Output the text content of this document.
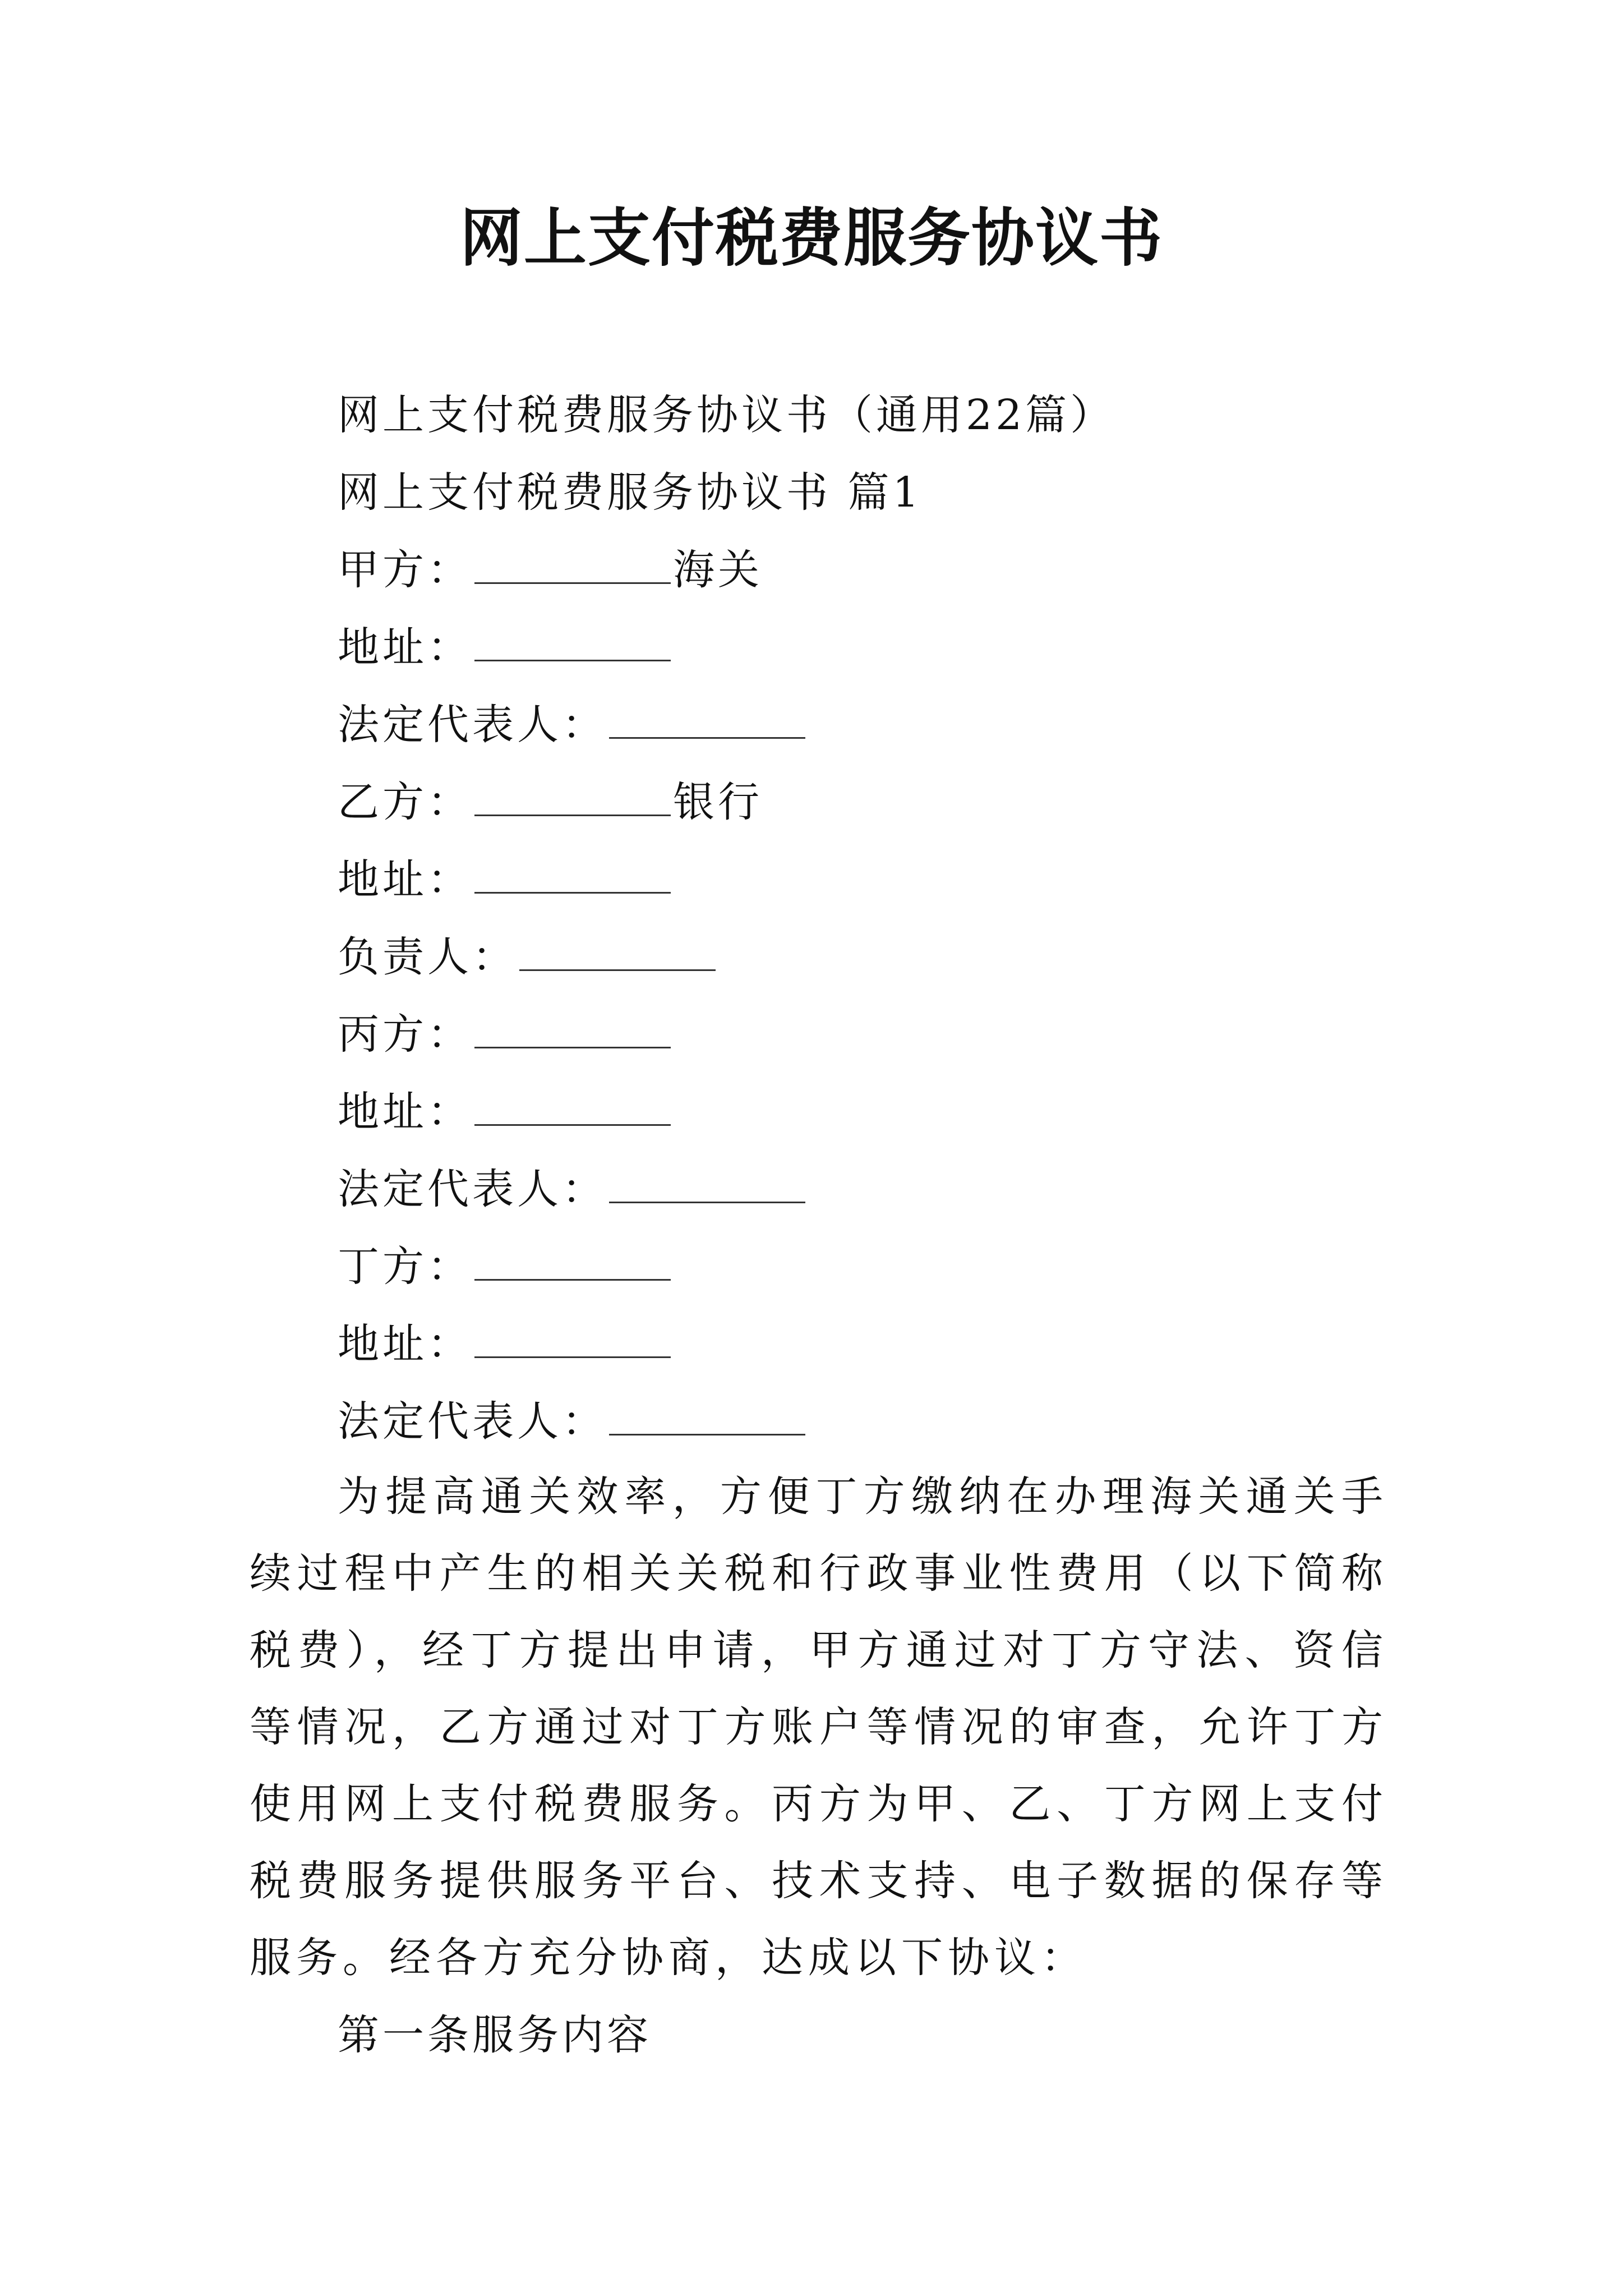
网上支付税费服务协议书
网上支付税费服务协议书（通用22篇）
网上支付税费服务协议书 篇1
甲方：	海关
地址：
法定代表人：
乙方：	银行
地址：
负责人：
丙方：
地址：
法定代表人：
丁方：
地址：
法定代表人：
为提高通关效率，方便丁方缴纳在办理海关通关手续过程中产生的相关关税和行政事业性费用（以下简称税费），经丁方提出申请，甲方通过对丁方守法、资信等情况，乙方通过对丁方账户等情况的审查，允许丁方使用网上支付税费服务。丙方为甲、乙、丁方网上支付税费服务提供服务平台、技术支持、电子数据的保存等服务。经各方充分协商，达成以下协议：
第一条服务内容
